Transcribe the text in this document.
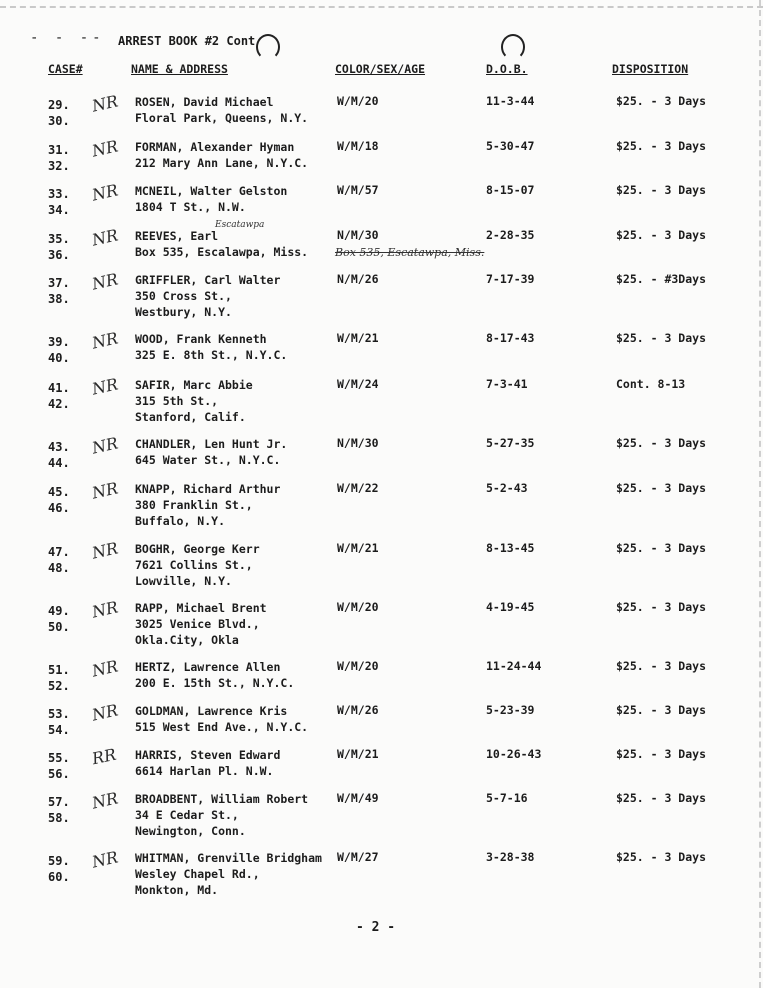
- - -- ARREST BOOK #2 Cont
CASE#	NAME & ADDRESS	COLOR/SEX/AGE	D.O.B.	DISPOSITION
29.
30.
NR ROSEN, David Michael
Floral Park, Queens, N.Y.
W/M/20	11-3-44	$25. - 3 Days
31.
32.
NR FORMAN, Alexander Hyman
212 Mary Ann Lane, N.Y.C.
W/M/18	5-30-47	$25. - 3 Days
33.
34.
NR MCNEIL, Walter Gelston
1804 T St., N.W.
W/M/57	8-15-07	$25. - 3 Days
35.
36.
NR REEVES, Earl
Box 535, Escalawpa, Miss.
N/M/30	2-28-35	$25. - 3 Days
Escatawpa
Box 535, Escatawpa, Miss.
37.
38.
NR GRIFFLER, Carl Walter
350 Cross St.,
Westbury, N.Y.
N/M/26	7-17-39	$25. - #3Days
39.
40.
NR WOOD, Frank Kenneth
325 E. 8th St., N.Y.C.
W/M/21	8-17-43	$25. - 3 Days
41.
42.
NR SAFIR, Marc Abbie
315 5th St.,
Stanford, Calif.
W/M/24	7-3-41	Cont. 8-13
43.
44.
NR CHANDLER, Len Hunt Jr.
645 Water St., N.Y.C.
N/M/30	5-27-35	$25. - 3 Days
45.
46.
NR KNAPP, Richard Arthur
380 Franklin St.,
Buffalo, N.Y.
W/M/22	5-2-43	$25. - 3 Days
47.
48.
NR BOGHR, George Kerr
7621 Collins St.,
Lowville, N.Y.
W/M/21	8-13-45	$25. - 3 Days
49.
50.
NR RAPP, Michael Brent
3025 Venice Blvd.,
Okla.City, Okla
W/M/20	4-19-45	$25. - 3 Days
51.
52.
NR HERTZ, Lawrence Allen
200 E. 15th St., N.Y.C.
W/M/20	11-24-44	$25. - 3 Days
53.
54.
NR GOLDMAN, Lawrence Kris
515 West End Ave., N.Y.C.
W/M/26	5-23-39	$25. - 3 Days
55.
56.
RR HARRIS, Steven Edward
6614 Harlan Pl. N.W.
W/M/21	10-26-43	$25. - 3 Days
57.
58.
NR BROADBENT, William Robert
34 E Cedar St.,
Newington, Conn.
W/M/49	5-7-16	$25. - 3 Days
59.
60.
NR WHITMAN, Grenville Bridgham
Wesley Chapel Rd.,
Monkton, Md.
W/M/27	3-28-38	$25. - 3 Days
- 2 -
